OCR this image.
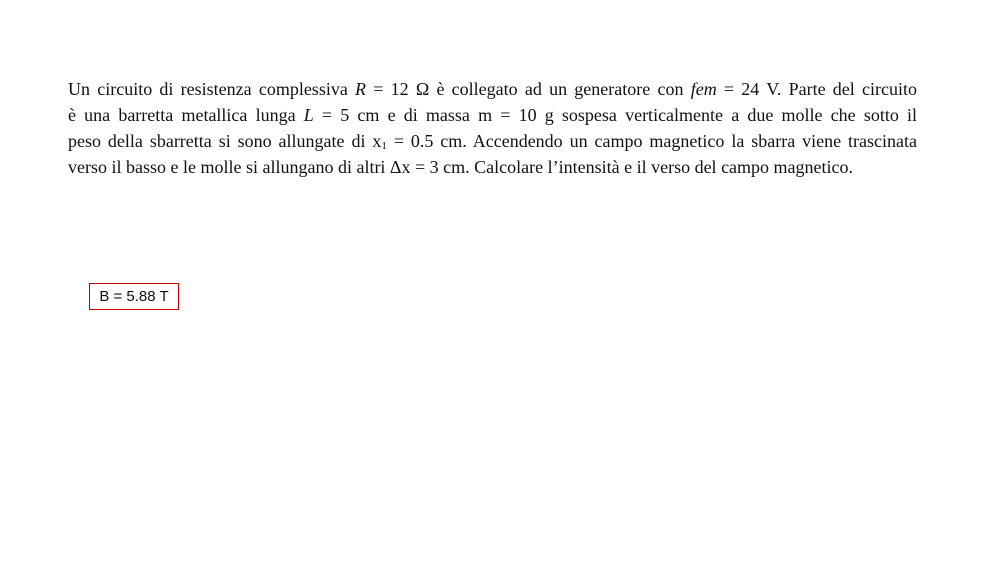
Un circuito di resistenza complessiva R = 12 Ω è collegato ad un generatore con fem = 24 V. Parte del circuito
è una barretta metallica lunga L = 5 cm e di massa m = 10 g sospesa verticalmente a due molle che sotto il
peso della sbarretta si sono allungate di $x_1 = 0.5$ cm. Accendendo un campo magnetico la sbarra viene trascinata
verso il basso e le molle si allungano di altri Δx = 3 cm. Calcolare l’intensità e il verso del campo magnetico.
B = 5.88 T
